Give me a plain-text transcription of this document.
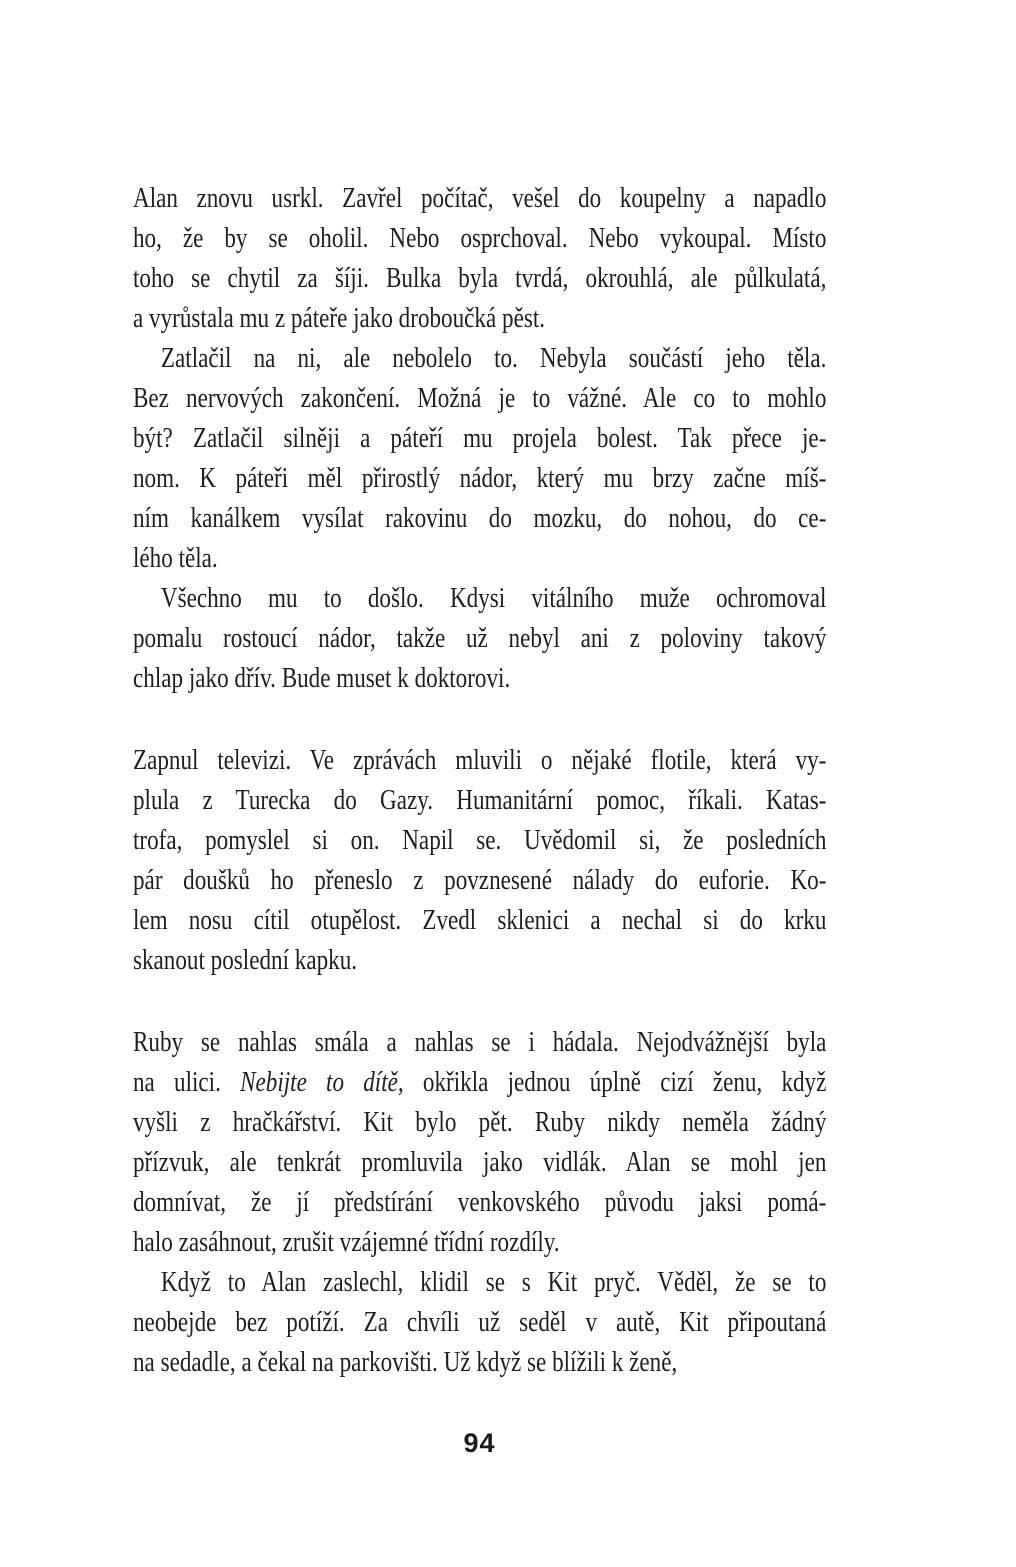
Alan znovu usrkl. Zavřel počítač, vešel do koupelny a napadlo
ho, že by se oholil. Nebo osprchoval. Nebo vykoupal. Místo
toho se chytil za šíji. Bulka byla tvrdá, okrouhlá, ale půlkulatá,
a vyrůstala mu z páteře jako droboučká pěst.
Zatlačil na ni, ale nebolelo to. Nebyla součástí jeho těla.
Bez nervových zakončení. Možná je to vážné. Ale co to mohlo
být? Zatlačil silněji a páteří mu projela bolest. Tak přece je-
nom. K páteři měl přirostlý nádor, který mu brzy začne míš-
ním kanálkem vysílat rakovinu do mozku, do nohou, do ce-
lého těla.
Všechno mu to došlo. Kdysi vitálního muže ochromoval
pomalu rostoucí nádor, takže už nebyl ani z poloviny takový
chlap jako dřív. Bude muset k doktorovi.
Zapnul televizi. Ve zprávách mluvili o nějaké flotile, která vy-
plula z Turecka do Gazy. Humanitární pomoc, říkali. Katas-
trofa, pomyslel si on. Napil se. Uvědomil si, že posledních
pár doušků ho přeneslo z povznesené nálady do euforie. Ko-
lem nosu cítil otupělost. Zvedl sklenici a nechal si do krku
skanout poslední kapku.
Ruby se nahlas smála a nahlas se i hádala. Nejodvážnější byla
na ulici. Nebijte to dítě, okřikla jednou úplně cizí ženu, když
vyšli z hračkářství. Kit bylo pět. Ruby nikdy neměla žádný
přízvuk, ale tenkrát promluvila jako vidlák. Alan se mohl jen
domnívat, že jí předstírání venkovského původu jaksi pomá-
halo zasáhnout, zrušit vzájemné třídní rozdíly.
Když to Alan zaslechl, klidil se s Kit pryč. Věděl, že se to
neobejde bez potíží. Za chvíli už seděl v autě, Kit připoutaná
na sedadle, a čekal na parkovišti. Už když se blížili k ženě,
94
